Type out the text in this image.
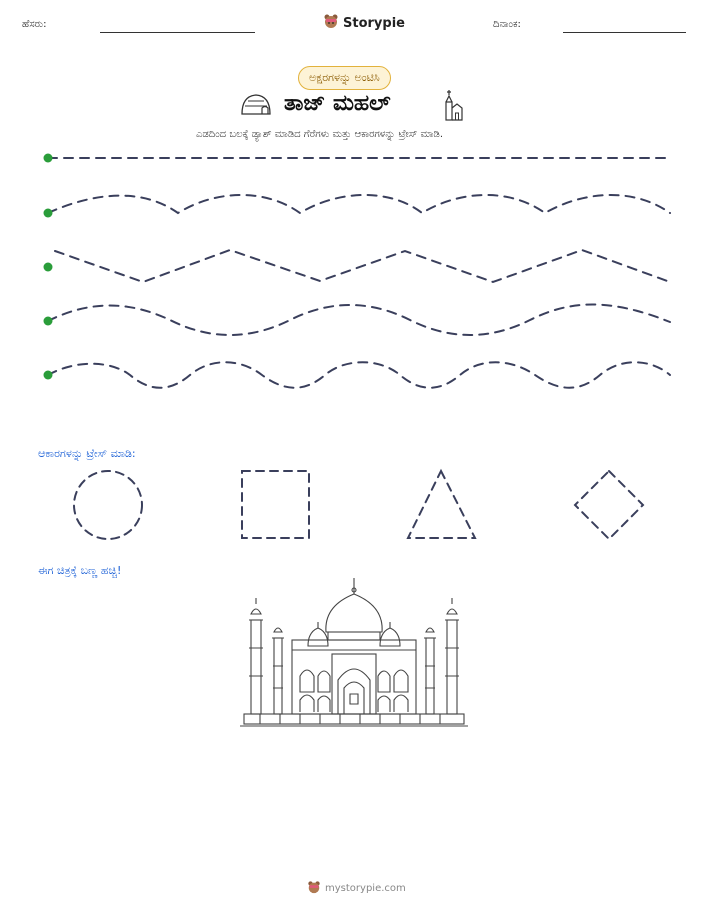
ಹೆಸರು:	Storypie	ದಿನಾಂಕ:
ಅಕ್ಷರಗಳನ್ನು ಅಂಟಿಸಿ
ತಾಜ್ ಮಹಲ್
ಎಡದಿಂದ ಬಲಕ್ಕೆ ಡ್ಯಾಶ್ ಮಾಡಿದ ಗೆರೆಗಳು ಮತ್ತು ಆಕಾರಗಳನ್ನು ಟ್ರೇಸ್ ಮಾಡಿ.
ಆಕಾರಗಳನ್ನು ಟ್ರೇಸ್ ಮಾಡಿ:
ಈಗ ಚಿತ್ರಕ್ಕೆ ಬಣ್ಣ ಹಚ್ಚಿ!
mystorypie.com
